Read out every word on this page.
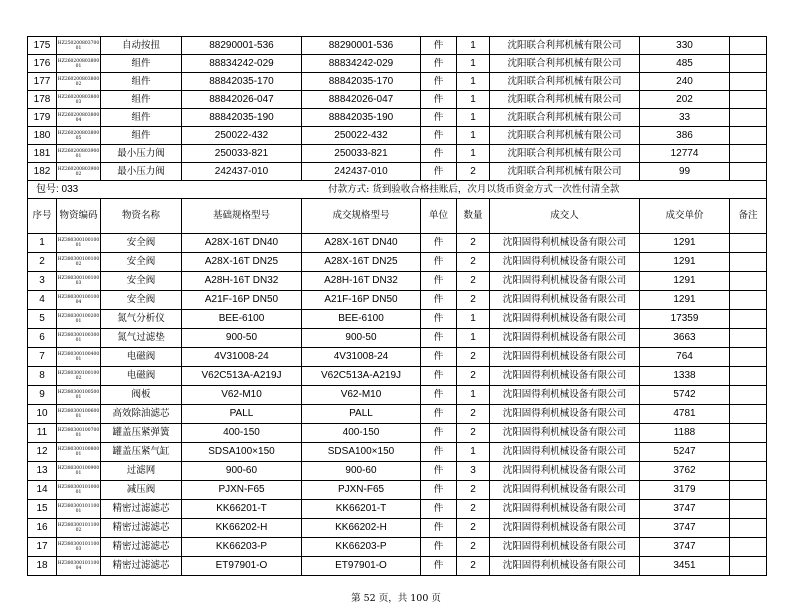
175	HZ25020080370001	自动按扭	88290001-536	88290001-536	件	1	沈阳联合利邦机械有限公司	330	
176	HZ26020080380001	组件	88834242-029	88834242-029	件	1	沈阳联合利邦机械有限公司	485	
177	HZ26020080380002	组件	88842035-170	88842035-170	件	1	沈阳联合利邦机械有限公司	240	
178	HZ26020080380003	组件	88842026-047	88842026-047	件	1	沈阳联合利邦机械有限公司	202	
179	HZ26020080380004	组件	88842035-190	88842035-190	件	1	沈阳联合利邦机械有限公司	33	
180	HZ26020080380005	组件	250022-432	250022-432	件	1	沈阳联合利邦机械有限公司	386	
181	HZ26020080390001	最小压力阀	250033-821	250033-821	件	1	沈阳联合利邦机械有限公司	12774	
182	HZ26020080390002	最小压力阀	242437-010	242437-010	件	2	沈阳联合利邦机械有限公司	99	
包号: 033			付款方式: 货到验收合格挂账后，次月以货币资金方式一次性付清全款						
序号	物资编码	物资名称	基础规格型号	成交规格型号	单位	数量	成交人	成交单价	备注
1	HZ38030010010001	安全阀	A28X-16T DN40	A28X-16T DN40	件	2	沈阳固得利机械设备有限公司	1291	
2	HZ38030010010002	安全阀	A28X-16T DN25	A28X-16T DN25	件	2	沈阳固得利机械设备有限公司	1291	
3	HZ38030010010003	安全阀	A28H-16T DN32	A28H-16T DN32	件	2	沈阳固得利机械设备有限公司	1291	
4	HZ38030010010004	安全阀	A21F-16P DN50	A21F-16P DN50	件	2	沈阳固得利机械设备有限公司	1291	
5	HZ38030010020001	氮气分析仪	BEE-6100	BEE-6100	件	1	沈阳固得利机械设备有限公司	17359	
6	HZ38030010030001	氮气过滤垫	900-50	900-50	件	1	沈阳固得利机械设备有限公司	3663	
7	HZ38030010040001	电磁阀	4V31008-24	4V31008-24	件	2	沈阳固得利机械设备有限公司	764	
8	HZ38030010010002	电磁阀	V62C513A-A219J	V62C513A-A219J	件	2	沈阳固得利机械设备有限公司	1338	
9	HZ38030010050001	阀板	V62-M10	V62-M10	件	1	沈阳固得利机械设备有限公司	5742	
10	HZ38030010060001	高效除油滤芯	PALL	PALL	件	2	沈阳固得利机械设备有限公司	4781	
11	HZ38030010070001	罐盖压紧弹簧	400-150	400-150	件	2	沈阳固得利机械设备有限公司	1188	
12	HZ38030010080001	罐盖压紧气缸	SDSA100×150	SDSA100×150	件	1	沈阳固得利机械设备有限公司	5247	
13	HZ38030010090001	过滤网	900-60	900-60	件	3	沈阳固得利机械设备有限公司	3762	
14	HZ38030010100001	减压阀	PJXN-F65	PJXN-F65	件	2	沈阳固得利机械设备有限公司	3179	
15	HZ38030010110001	精密过滤滤芯	KK66201-T	KK66201-T	件	2	沈阳固得利机械设备有限公司	3747	
16	HZ38030010110002	精密过滤滤芯	KK66202-H	KK66202-H	件	2	沈阳固得利机械设备有限公司	3747	
17	HZ38030010110003	精密过滤滤芯	KK66203-P	KK66203-P	件	2	沈阳固得利机械设备有限公司	3747	
18	HZ38030010110004	精密过滤滤芯	ET97901-O	ET97901-O	件	2	沈阳固得利机械设备有限公司	3451	
第 52 页，共 100 页
